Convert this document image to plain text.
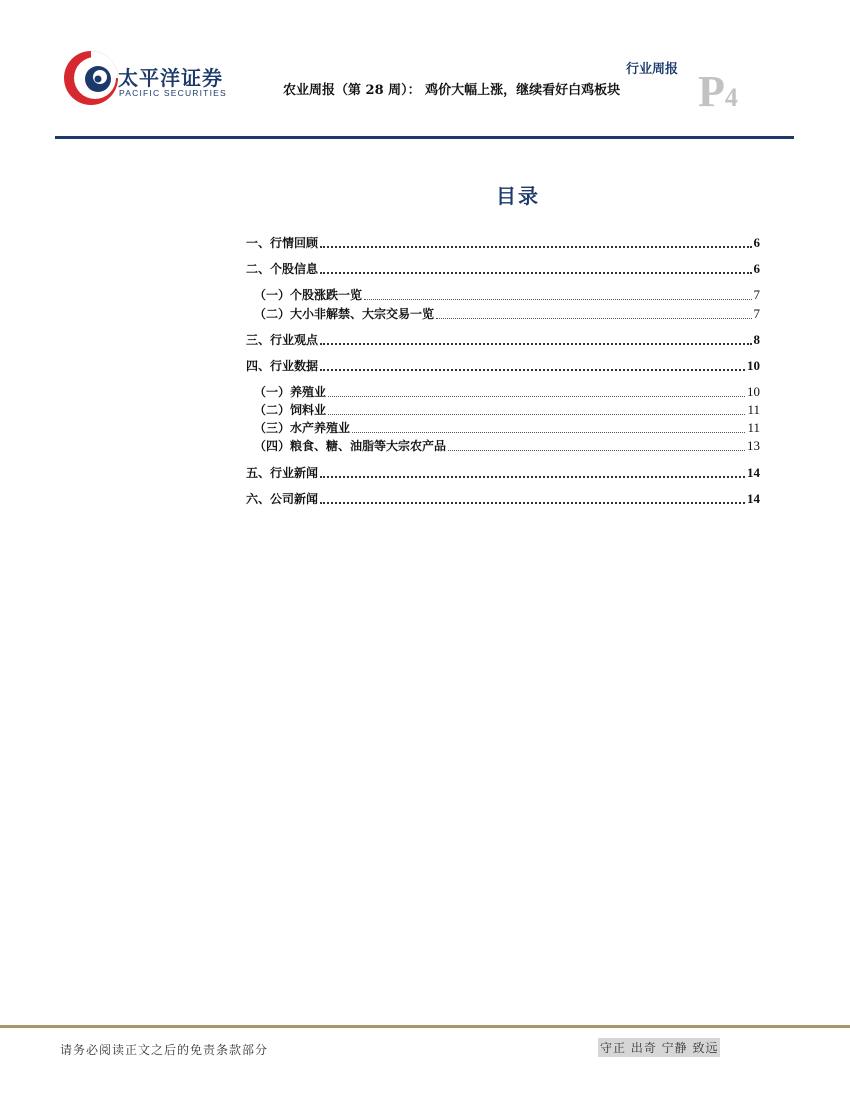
太平洋证券
PACIFIC SECURITIES
行业周报
农业周报（第 28 周）： 鸡价大幅上涨，继续看好白鸡板块 P4
目录
一、行情回顾	6
二、个股信息	6
（一）个股涨跌一览	7
（二）大小非解禁、大宗交易一览	7
三、行业观点	8
四、行业数据	10
（一）养殖业	10
（二）饲料业	11
（三）水产养殖业	11
（四）粮食、糖、油脂等大宗农产品	13
五、行业新闻	14
六、公司新闻	14
请务必阅读正文之后的免责条款部分	守正 出奇 宁静 致远
